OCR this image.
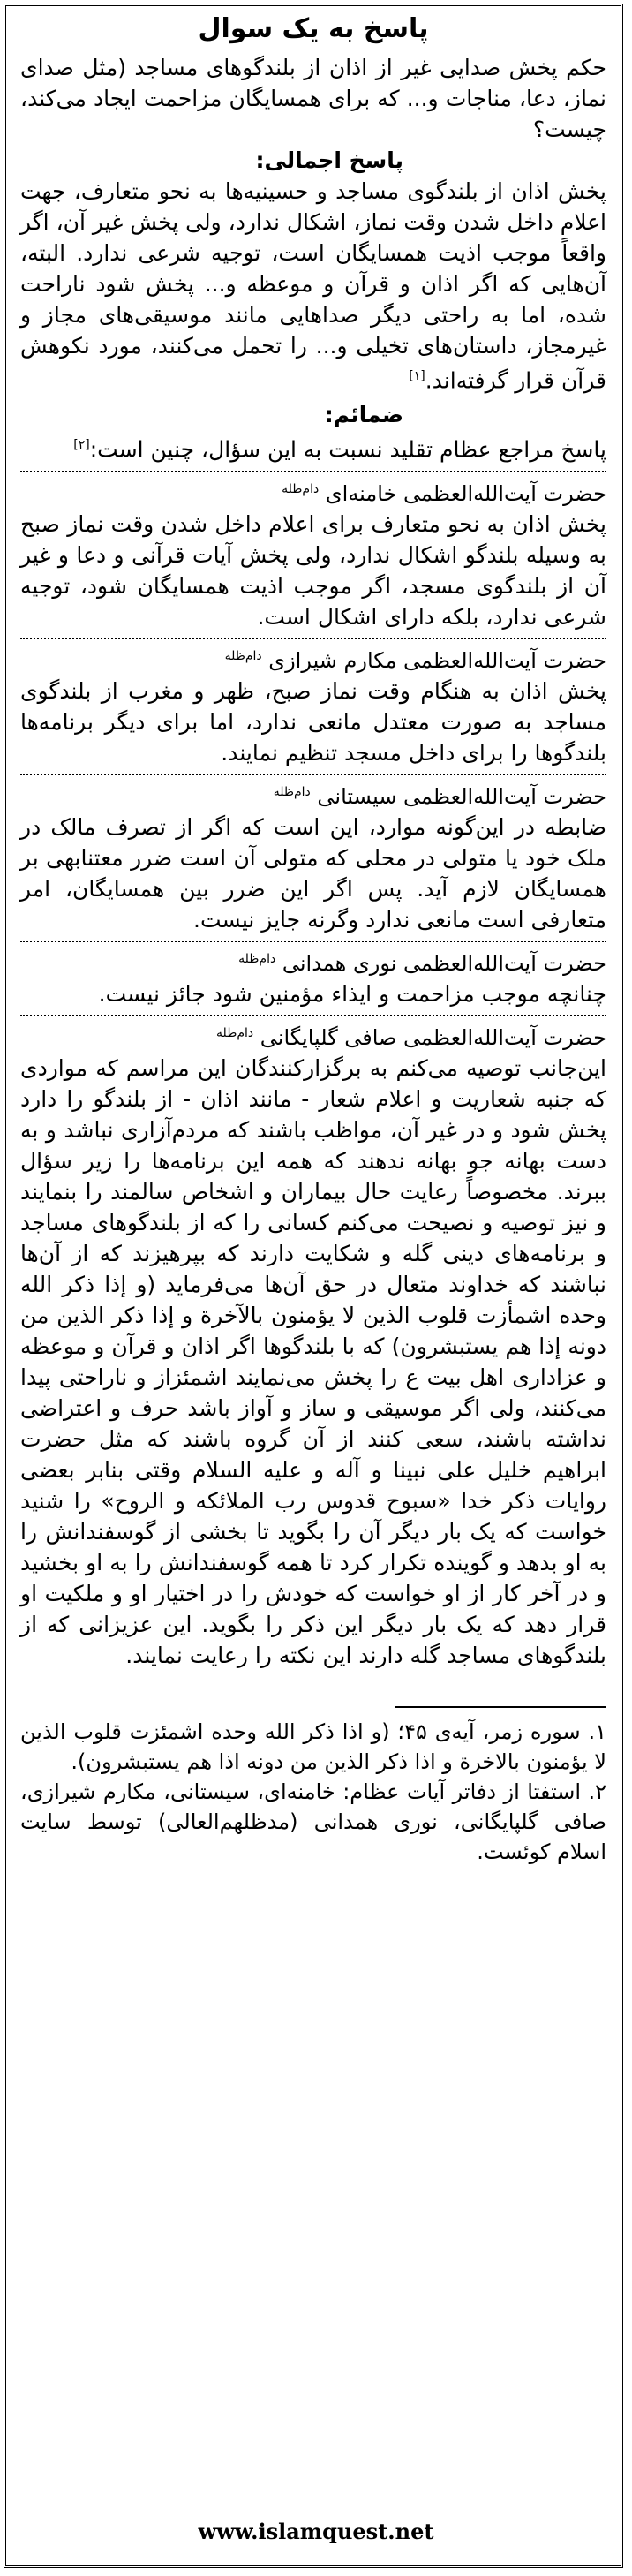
پاسخ به یک سوال

حکم پخش صدایی غیر از اذان از بلندگوهای مساجد (مثل صدای نماز، دعا، مناجات و... که برای همسایگان مزاحمت ایجاد می‌کند، چیست؟

پاسخ اجمالی:

پخش اذان از بلندگوی مساجد و حسینیه‌ها به نحو متعارف، جهت اعلام داخل شدن وقت نماز، اشکال ندارد، ولی پخش غیر آن، اگر واقعاً موجب اذیت همسایگان است، توجیه شرعی ندارد. البته، آن‌هایی که اگر اذان و قرآن و موعظه و... پخش شود ناراحت شده، اما به راحتی دیگر صداهایی مانند موسیقی‌های مجاز و غیرمجاز، داستان‌های تخیلی و... را تحمل می‌کنند، مورد نکوهش قرآن قرار گرفته‌اند.[۱]

ضمائم:

پاسخ مراجع عظام تقلید نسبت به این سؤال، چنین است:[۲]

حضرت آیت‌الله‌العظمی خامنه‌ای $^{دام‌ظله}$

پخش اذان به نحو متعارف برای اعلام داخل شدن وقت نماز صبح به وسیله بلندگو اشکال ندارد، ولی پخش آیات قرآنی و دعا و غیر آن از بلندگوی مسجد، اگر موجب اذیت همسایگان شود، توجیه شرعی ندارد، بلکه دارای اشکال است.

حضرت آیت‌الله‌العظمی مکارم شیرازی $^{دام‌ظله}$

پخش اذان به هنگام وقت نماز صبح، ظهر و مغرب از بلندگوی مساجد به صورت معتدل مانعی ندارد، اما برای دیگر برنامه‌ها بلندگوها را برای داخل مسجد تنظیم نمایند.

حضرت آیت‌الله‌العظمی سیستانی $^{دام‌ظله}$

ضابطه در این‌گونه موارد، این است که اگر از تصرف مالک در ملک خود یا متولی در محلی که متولی آن است ضرر معتنابهی بر همسایگان لازم آید. پس اگر این ضرر بین همسایگان، امر متعارفی است مانعی ندارد وگرنه جایز نیست.

حضرت آیت‌الله‌العظمی نوری همدانی $^{دام‌ظله}$

چنانچه موجب مزاحمت و ایذاء مؤمنین شود جائز نیست.

حضرت آیت‌الله‌العظمی صافی گلپایگانی $^{دام‌ظله}$

این‌جانب توصیه می‌کنم به برگزارکنندگان این مراسم که مواردی که جنبه شعاریت و اعلام شعار - مانند اذان - از بلندگو را دارد پخش شود و در غیر آن، مواظب باشند که مردم‌آزاری نباشد و به دست بهانه جو بهانه ندهند که همه این برنامه‌ها را زیر سؤال ببرند. مخصوصاً رعایت حال بیماران و اشخاص سالمند را بنمایند و نیز توصیه و نصیحت می‌کنم کسانی را که از بلندگوهای مساجد و برنامه‌های دینی گله و شکایت دارند که بپرهیزند که از آن‌ها نباشند که خداوند متعال در حق آن‌ها می‌فرماید (و إذا ذکر الله وحده اشمأزت قلوب الذین لا یؤمنون بالآخرة و إذا ذکر الذین من دونه إذا هم یستبشرون) که با بلندگوها اگر اذان و قرآن و موعظه و عزاداری اهل بیت ع را پخش می‌نمایند اشمئزاز و ناراحتی پیدا می‌کنند، ولی اگر موسیقی و ساز و آواز باشد حرف و اعتراضی نداشته باشند، سعی کنند از آن گروه باشند که مثل حضرت ابراهیم خلیل علی نبینا و آله و علیه السلام وقتی بنابر بعضی روایات ذکر خدا «سبوح قدوس رب الملائکه و الروح» را شنید خواست که یک بار دیگر آن را بگوید تا بخشی از گوسفندانش را به او بدهد و گوینده تکرار کرد تا همه گوسفندانش را به او بخشید و در آخر کار از او خواست که خودش را در اختیار او و ملکیت او قرار دهد که یک بار دیگر این ذکر را بگوید. این عزیزانی که از بلندگوهای مساجد گله دارند این نکته را رعایت نمایند.

۱. سوره زمر، آیه‌ی ۴۵؛ (و اذا ذکر الله وحده اشمئزت قلوب الذین لا یؤمنون بالاخرة و اذا ذکر الذین من دونه اذا هم یستبشرون).

۲. استفتا از دفاتر آیات عظام: خامنه‌ای، سیستانی، مکارم شیرازی، صافی گلپایگانی، نوری همدانی (مدظلهم‌العالی) توسط سایت اسلام کوئست.

www.islamquest.net
